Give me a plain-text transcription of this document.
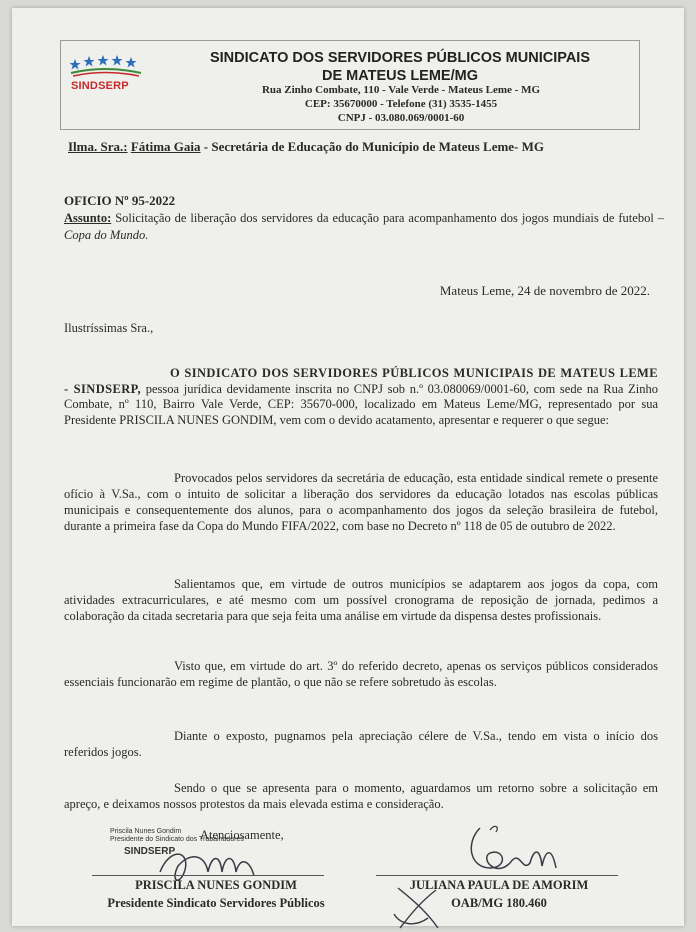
SINDSERP
SINDICATO DOS SERVIDORES PÚBLICOS MUNICIPAIS
DE MATEUS LEME/MG
Rua Zinho Combate, 110 - Vale Verde - Mateus Leme - MG
CEP: 35670000 - Telefone (31) 3535-1455
CNPJ - 03.080.069/0001-60
Ilma. Sra.: Fátima Gaia - Secretária de Educação do Município de Mateus Leme- MG
OFICIO Nº 95-2022
Assunto: Solicitação de liberação dos servidores da educação para acompanhamento dos jogos mundiais de futebol – Copa do Mundo.
Mateus Leme, 24 de novembro de 2022.
Ilustríssimas Sra.,
O SINDICATO DOS SERVIDORES PÚBLICOS MUNICIPAIS DE MATEUS LEME - SINDSERP, pessoa jurídica devidamente inscrita no CNPJ sob n.º 03.080069/0001-60, com sede na Rua Zinho Combate, nº 110, Bairro Vale Verde, CEP: 35670-000, localizado em Mateus Leme/MG, representado por sua Presidente PRISCILA NUNES GONDIM, vem com o devido acatamento, apresentar e requerer o que segue:

Provocados pelos servidores da secretária de educação, esta entidade sindical remete o presente ofício à V.Sa., com o intuito de solicitar a liberação dos servidores da educação lotados nas escolas públicas municipais e consequentemente dos alunos, para o acompanhamento dos jogos da seleção brasileira de futebol, durante a primeira fase da Copa do Mundo FIFA/2022, com base no Decreto nº 118 de 05 de outubro de 2022.

Salientamos que, em virtude de outros municípios se adaptarem aos jogos da copa, com atividades extracurriculares, e até mesmo com um possível cronograma de reposição de jornada, pedimos a colaboração da citada secretaria para que seja feita uma análise em virtude da dispensa destes profissionais.

Visto que, em virtude do art. 3º do referido decreto, apenas os serviços públicos considerados essenciais funcionarão em regime de plantão, o que não se refere sobretudo às escolas.

Diante o exposto, pugnamos pela apreciação célere de V.Sa., tendo em vista o início dos referidos jogos.

Sendo o que se apresenta para o momento, aguardamos um retorno sobre a solicitação em apreço, e deixamos nossos protestos da mais elevada estima e consideração.

Priscila Nunes Gondim
Presidente do Sindicato dos Trabalhadores
SINDSERP
Atenciosamente,
PRISCILA NUNES GONDIM
Presidente Sindicato Servidores Públicos
JULIANA PAULA DE AMORIM
OAB/MG 180.460
